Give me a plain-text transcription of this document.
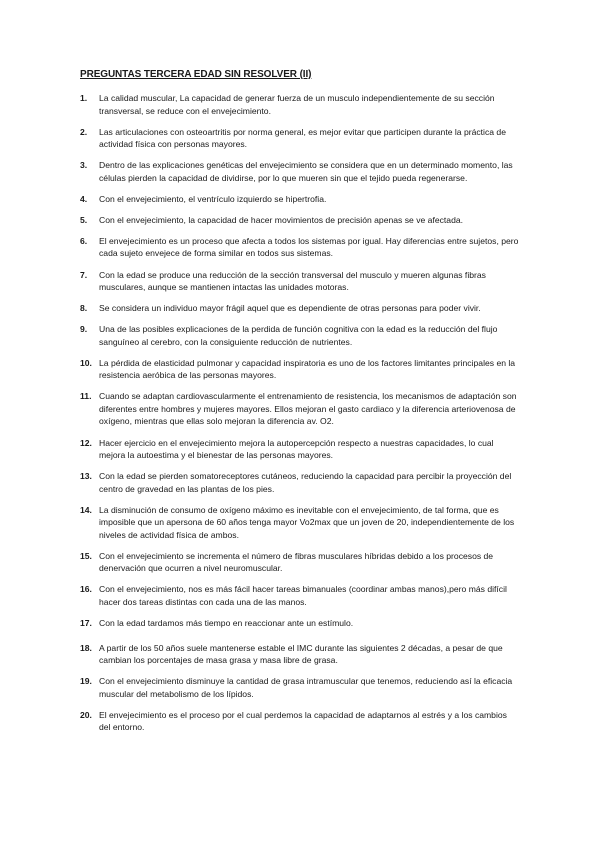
PREGUNTAS TERCERA EDAD SIN RESOLVER (II)
1.	La calidad muscular, La capacidad de generar fuerza de un musculo independientemente de su sección transversal, se reduce con el envejecimiento.
2.	Las articulaciones con osteoartritis por norma general, es mejor evitar que participen durante la práctica de actividad física con personas mayores.
3.	Dentro de las explicaciones genéticas del envejecimiento se considera que en un determinado momento, las células pierden la capacidad de dividirse, por lo que mueren sin que el tejido pueda regenerarse.
4.	Con el envejecimiento, el ventrículo izquierdo se hipertrofia.
5.	Con el envejecimiento, la capacidad de hacer movimientos de precisión apenas se ve afectada.
6.	El envejecimiento es un proceso que afecta a todos los sistemas por igual. Hay diferencias entre sujetos, pero cada sujeto envejece de forma similar en todos sus sistemas.
7.	Con la edad se produce una reducción de la sección transversal del musculo y mueren algunas fibras musculares, aunque se mantienen intactas las unidades motoras.
8.	Se considera un individuo mayor frágil aquel que es dependiente de otras personas para poder vivir.
9.	Una de las posibles explicaciones de la perdida de función cognitiva con la edad es la reducción del flujo sanguíneo al cerebro, con la consiguiente reducción de nutrientes.
10. La pérdida de elasticidad pulmonar y capacidad inspiratoria es uno de los factores limitantes principales en la resistencia aeróbica de las personas mayores.
11. Cuando se adaptan cardiovascularmente el entrenamiento de resistencia, los mecanismos de adaptación son diferentes entre hombres y mujeres mayores. Ellos mejoran el gasto cardiaco y la diferencia arteriovenosa de oxígeno, mientras que ellas solo mejoran la diferencia av. O2.
12. Hacer ejercicio en el envejecimiento mejora la autopercepción respecto a nuestras capacidades, lo cual mejora la autoestima y el bienestar de las personas mayores.
13. Con la edad se pierden somatoreceptores cutáneos, reduciendo la capacidad para percibir la proyección del centro de gravedad en las plantas de los pies.
14. La disminución de consumo de oxígeno máximo es inevitable con el envejecimiento, de tal forma, que es imposible que un apersona de 60 años tenga mayor Vo2max que un joven de 20, independientemente de los niveles de actividad física de ambos.
15. Con el envejecimiento se incrementa el número de fibras musculares híbridas debido a los procesos de denervación que ocurren a nivel neuromuscular.
16. Con el envejecimiento, nos es más fácil hacer tareas bimanuales (coordinar ambas manos),pero más difícil hacer dos tareas distintas con cada una de las manos.
17. Con la edad tardamos más tiempo en reaccionar ante un estímulo.
18. A partir de los 50 años suele mantenerse estable el IMC durante las siguientes 2 décadas, a pesar de que cambian los porcentajes de masa grasa y masa libre de grasa.
19. Con el envejecimiento disminuye la cantidad de grasa intramuscular que tenemos, reduciendo así la eficacia muscular del metabolismo de los lípidos.
20. El envejecimiento es el proceso por el cual perdemos la capacidad de adaptarnos al estrés y a los cambios del entorno.
